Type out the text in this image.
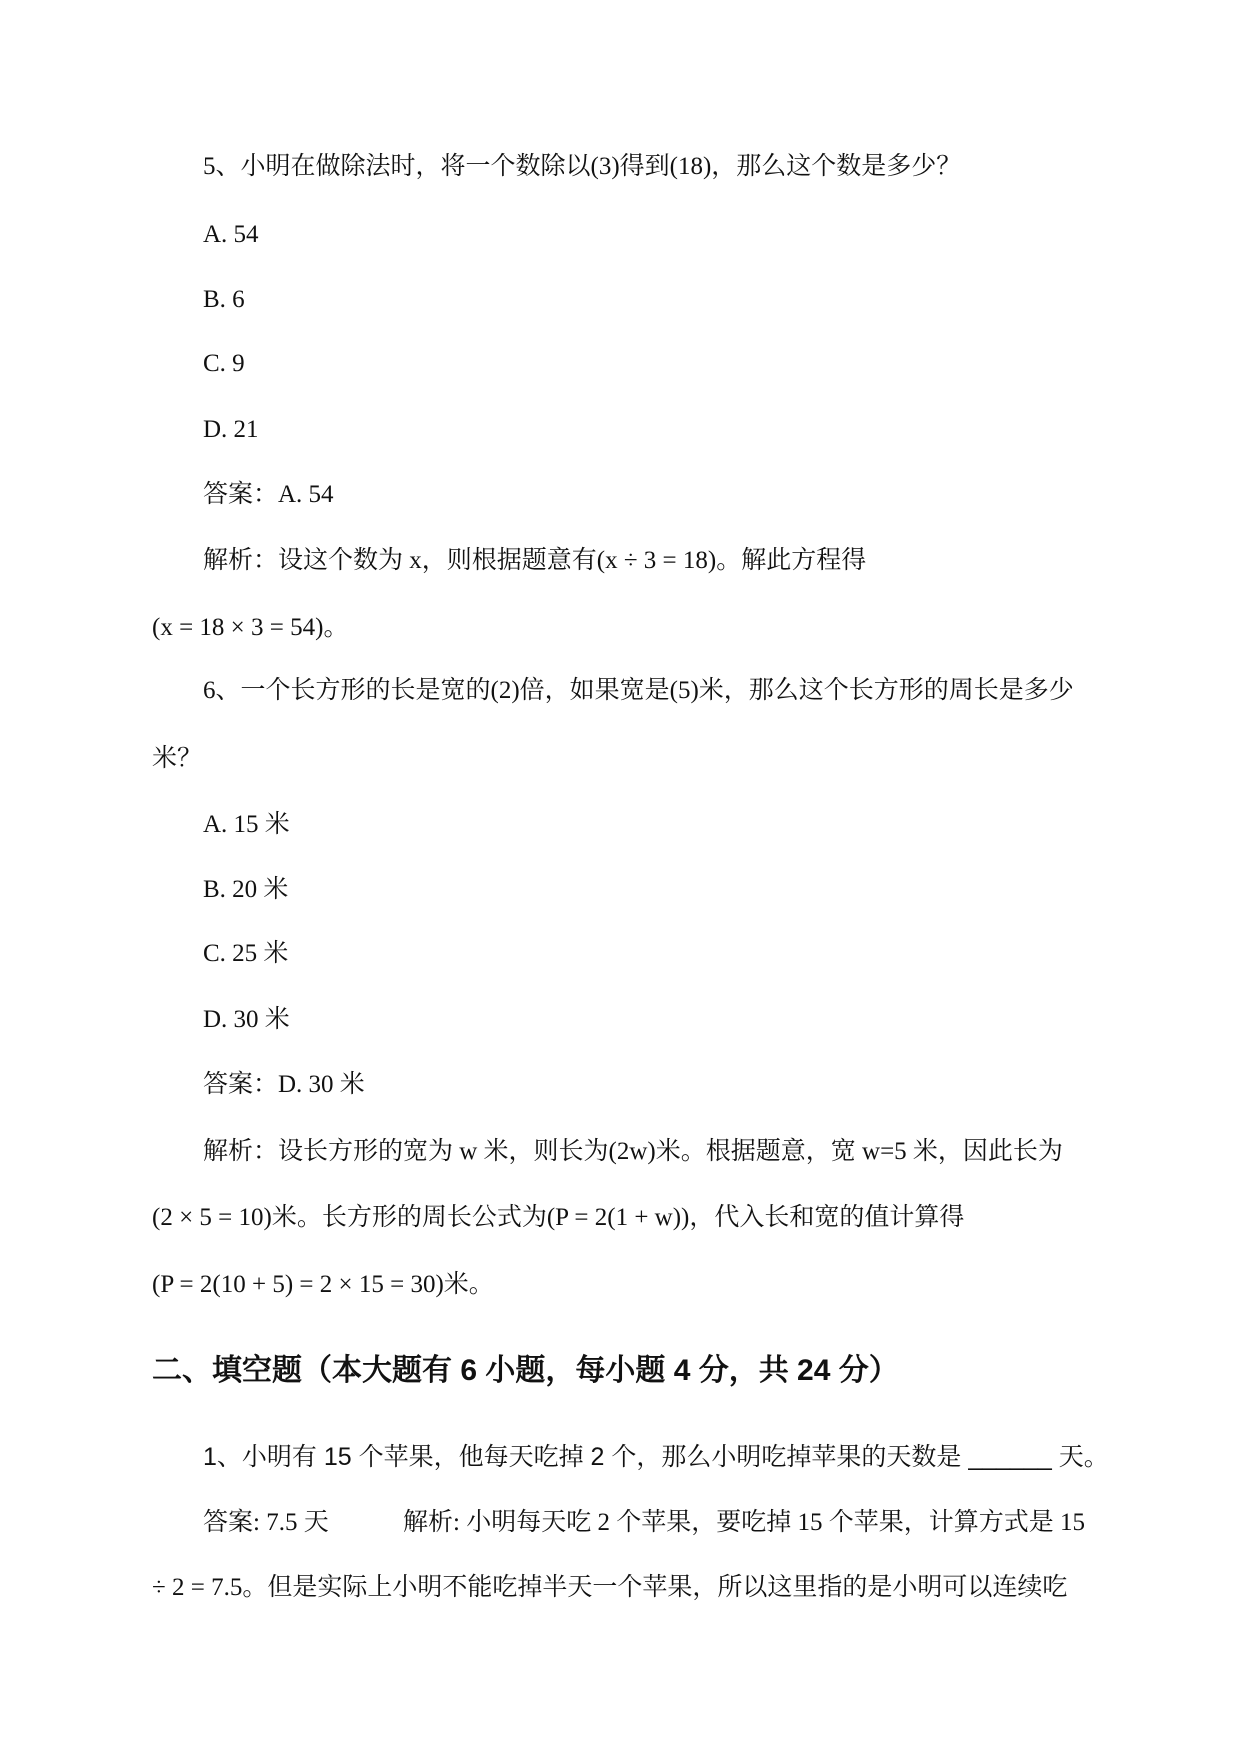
5、小明在做除法时，将一个数除以(3)得到(18)，那么这个数是多少？
A. 54
B. 6
C. 9
D. 21
答案：A. 54
解析：设这个数为 x，则根据题意有(x ÷ 3 = 18)。解此方程得
(x = 18 × 3 = 54)。
6、一个长方形的长是宽的(2)倍，如果宽是(5)米，那么这个长方形的周长是多少
米？
A. 15 米
B. 20 米
C. 25 米
D. 30 米
答案：D. 30 米
解析：设长方形的宽为 w 米，则长为(2w)米。根据题意，宽 w=5 米，因此长为
(2 × 5 = 10)米。长方形的周长公式为(P = 2(1 + w))，代入长和宽的值计算得
(P = 2(10 + 5) = 2 × 15 = 30)米。
二、填空题（本大题有 6 小题，每小题 4 分，共 24 分）
1、小明有 15 个苹果，他每天吃掉 2 个，那么小明吃掉苹果的天数是 ______ 天。
答案: 7.5 天	解析: 小明每天吃 2 个苹果，要吃掉 15 个苹果，计算方式是 15
÷ 2 = 7.5。但是实际上小明不能吃掉半天一个苹果，所以这里指的是小明可以连续吃
